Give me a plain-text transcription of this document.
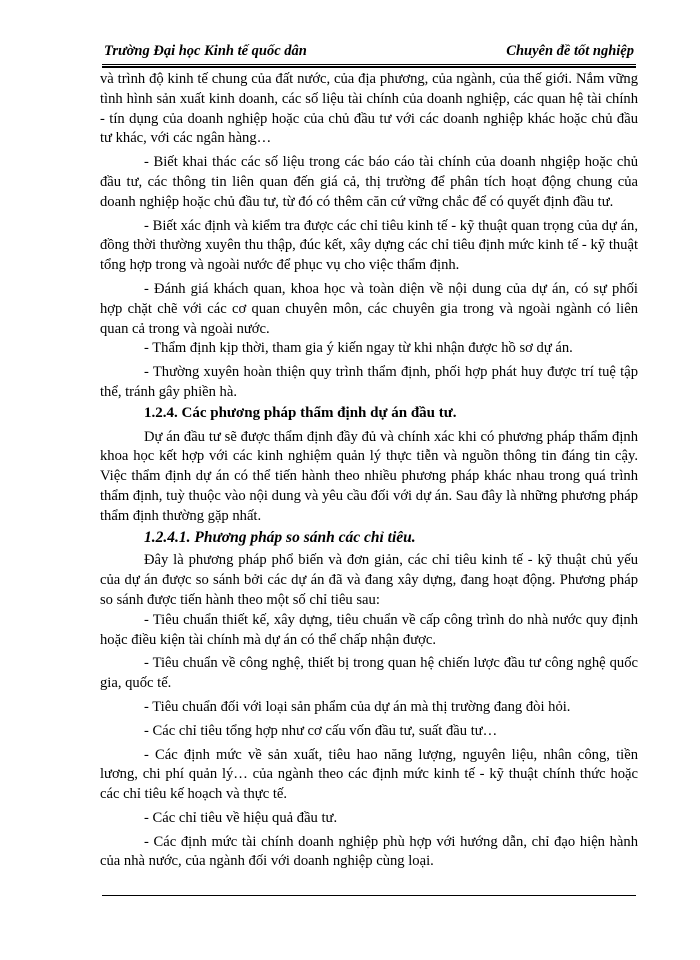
Trường Đại học Kinh tế quốc dân	Chuyên đề tốt nghiệp

và trình độ kinh tế chung của đất nước, của địa phương, của ngành, của thế giới. Nắm vững tình hình sản xuất kinh doanh, các số liệu tài chính của doanh nghiệp, các quan hệ tài chính - tín dụng của doanh nghiệp hoặc của chủ đầu tư với các doanh nghiệp khác hoặc chủ đầu tư khác, với các ngân hàng…

- Biết khai thác các số liệu trong các báo cáo tài chính của doanh nhgiệp hoặc chủ đầu tư, các thông tin liên quan đến giá cả, thị trường để phân tích hoạt động chung của doanh nghiệp hoặc chủ đầu tư, từ đó có thêm căn cứ vững chắc để có quyết định đầu tư.

- Biết xác định và kiểm tra được các chỉ tiêu kinh tế - kỹ thuật quan trọng của dự án, đồng thời thường xuyên thu thập, đúc kết, xây dựng các chỉ tiêu định mức kinh tế - kỹ thuật tổng hợp trong và ngoài nước để phục vụ cho việc thẩm định.

- Đánh giá khách quan, khoa học và toàn diện về nội dung của dự án, có sự phối hợp chặt chẽ với các cơ quan chuyên môn, các chuyên gia trong và ngoài ngành có liên quan cả trong và ngoài nước.

- Thẩm định kịp thời, tham gia ý kiến ngay từ khi nhận được hồ sơ dự án.

- Thường xuyên hoàn thiện quy trình thẩm định, phối hợp phát huy được trí tuệ tập thể, tránh gây phiền hà.

1.2.4. Các phương pháp thẩm định dự án đầu tư.

Dự án đầu tư sẽ được thẩm định đầy đủ và chính xác khi có phương pháp thẩm định khoa học kết hợp với các kinh nghiệm quản lý thực tiễn và nguồn thông tin đáng tin cậy. Việc thẩm định dự án có thể tiến hành theo nhiều phương pháp khác nhau trong quá trình thẩm định, tuỳ thuộc vào nội dung và yêu cầu đối với dự án. Sau đây là những phương pháp thẩm định thường gặp nhất.

1.2.4.1. Phương pháp so sánh các chỉ tiêu.

Đây là phương pháp phổ biến và đơn giản, các chỉ tiêu kinh tế - kỹ thuật chủ yếu của dự án được so sánh bởi các dự án đã và đang xây dựng, đang hoạt động. Phương pháp so sánh được tiến hành theo một số chỉ tiêu sau:

- Tiêu chuẩn thiết kế, xây dựng, tiêu chuẩn về cấp công trình do nhà nước quy định hoặc điều kiện tài chính mà dự án có thể chấp nhận được.

- Tiêu chuẩn về công nghệ, thiết bị trong quan hệ chiến lược đầu tư công nghệ quốc gia, quốc tế.

- Tiêu chuẩn đối với loại sản phẩm của dự án mà thị trường đang đòi hỏi.

- Các chỉ tiêu tổng hợp như cơ cấu vốn đầu tư, suất đầu tư…

- Các định mức về sản xuất, tiêu hao năng lượng, nguyên liệu, nhân công, tiền lương, chi phí quản lý… của ngành theo các định mức kinh tế - kỹ thuật chính thức hoặc các chỉ tiêu kế hoạch và thực tế.

- Các chỉ tiêu về hiệu quả đầu tư.

- Các định mức tài chính doanh nghiệp phù hợp với hướng dẫn, chỉ đạo hiện hành của nhà nước, của ngành đối với doanh nghiệp cùng loại.
